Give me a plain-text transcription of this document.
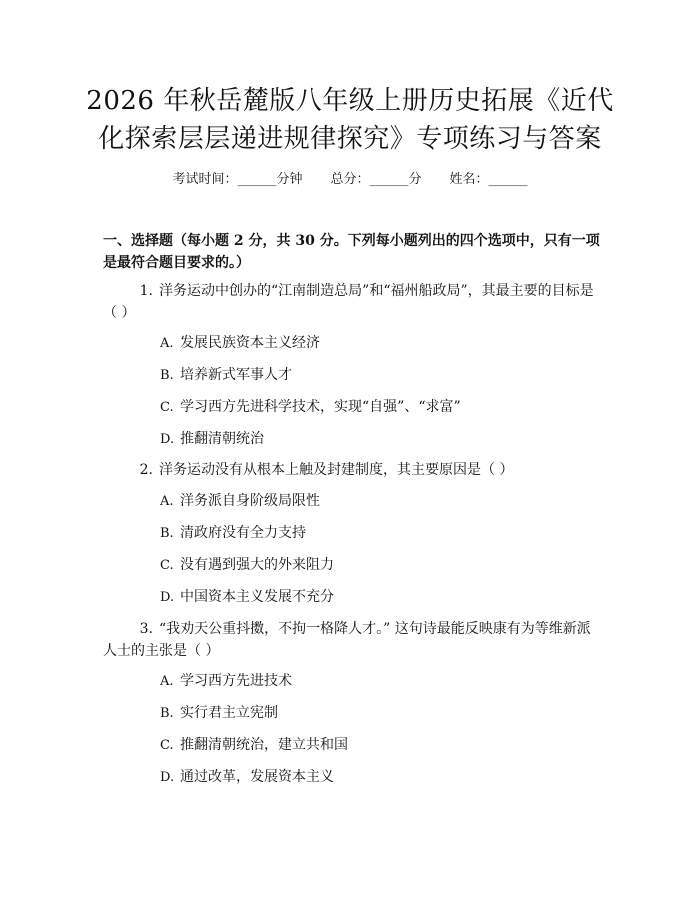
2026 年秋岳麓版八年级上册历史拓展《近代
化探索层层递进规律探究》专项练习与答案
考试时间：______分钟 总分：______分 姓名：______
一、选择题（每小题 2 分，共 30 分。下列每小题列出的四个选项中，只有一项是最符合题目要求的。）
1. 洋务运动中创办的“江南制造总局”和“福州船政局”，其最主要的目标是（ ）
A. 发展民族资本主义经济
B. 培养新式军事人才
C. 学习西方先进科学技术，实现“自强”、“求富”
D. 推翻清朝统治
2. 洋务运动没有从根本上触及封建制度，其主要原因是（ ）
A. 洋务派自身阶级局限性
B. 清政府没有全力支持
C. 没有遇到强大的外来阻力
D. 中国资本主义发展不充分
3. “我劝天公重抖擞，不拘一格降人才。” 这句诗最能反映康有为等维新派人士的主张是（ ）
A. 学习西方先进技术
B. 实行君主立宪制
C. 推翻清朝统治，建立共和国
D. 通过改革，发展资本主义
